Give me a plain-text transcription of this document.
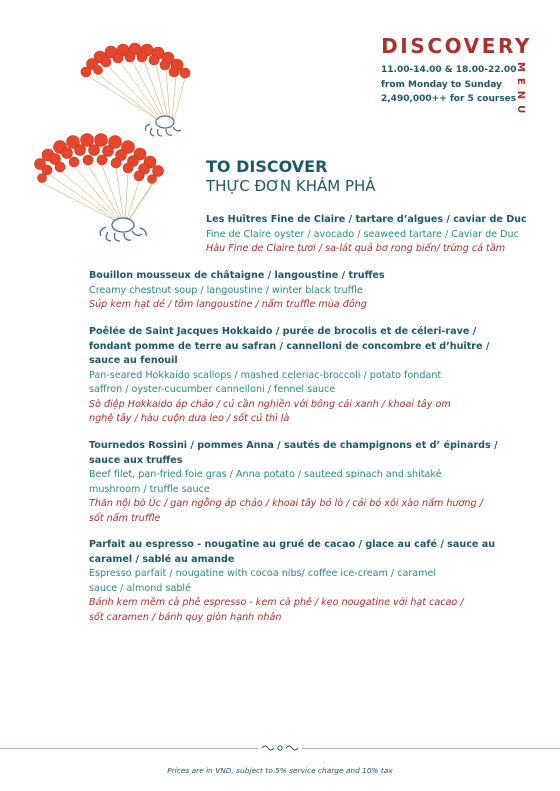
DISCOVERY
11.00-14.00 & 18.00-22.00
from Monday to Sunday
2,490,000++ for 5 courses
MENU
TO DISCOVER
THỰC ĐƠN KHÁM PHÁ
Les Huîtres Fine de Claire / tartare d’algues / caviar de Duc
Fine de Claire oyster / avocado / seaweed tartare / Caviar de Duc
Hàu Fine de Claire tươi / sa-lát quả bơ rong biển/ trứng cá tầm
Bouillon mousseux de châtaigne / langoustine / truffes
Creamy chestnut soup / langoustine / winter black truffle
Súp kem hạt dẻ / tôm langoustine / nấm truffle mùa đông
Poêlée de Saint Jacques Hokkaido / purée de brocolis et de céleri-rave /
fondant pomme de terre au safran / cannelloni de concombre et d’huître /
sauce au fenouil
Pan-seared Hokkaido scallops / mashed celeriac-broccoli / potato fondant
saffron / oyster-cucumber cannelloni / fennel sauce
Sò điệp Hokkaido áp chảo / củ cần nghiền với bông cải xanh / khoai tây om
nghệ tây / hàu cuộn dưa leo / sốt củ thì là
Tournedos Rossini / pommes Anna / sautés de champignons et d’ épinards /
sauce aux truffes
Beef filet, pan-fried foie gras / Anna potato / sauteed spinach and shitaké
mushroom / truffle sauce
Thăn nội bò Úc / gan ngỗng áp chảo / khoai tây bỏ lò / cải bó xôi xào nấm hương /
sốt nấm truffle
Parfait au espresso - nougatine au grué de cacao / glace au café / sauce au
caramel / sablé au amande
Espresso parfait / nougatine with cocoa nibs/ coffee ice-cream / caramel
sauce / almond sablé
Bánh kem mềm cà phê espresso - kem cà phê / kẹo nougatine với hạt cacao /
sốt caramen / bánh quy giòn hạnh nhân
Prices are in VND, subject to 5% service charge and 10% tax
